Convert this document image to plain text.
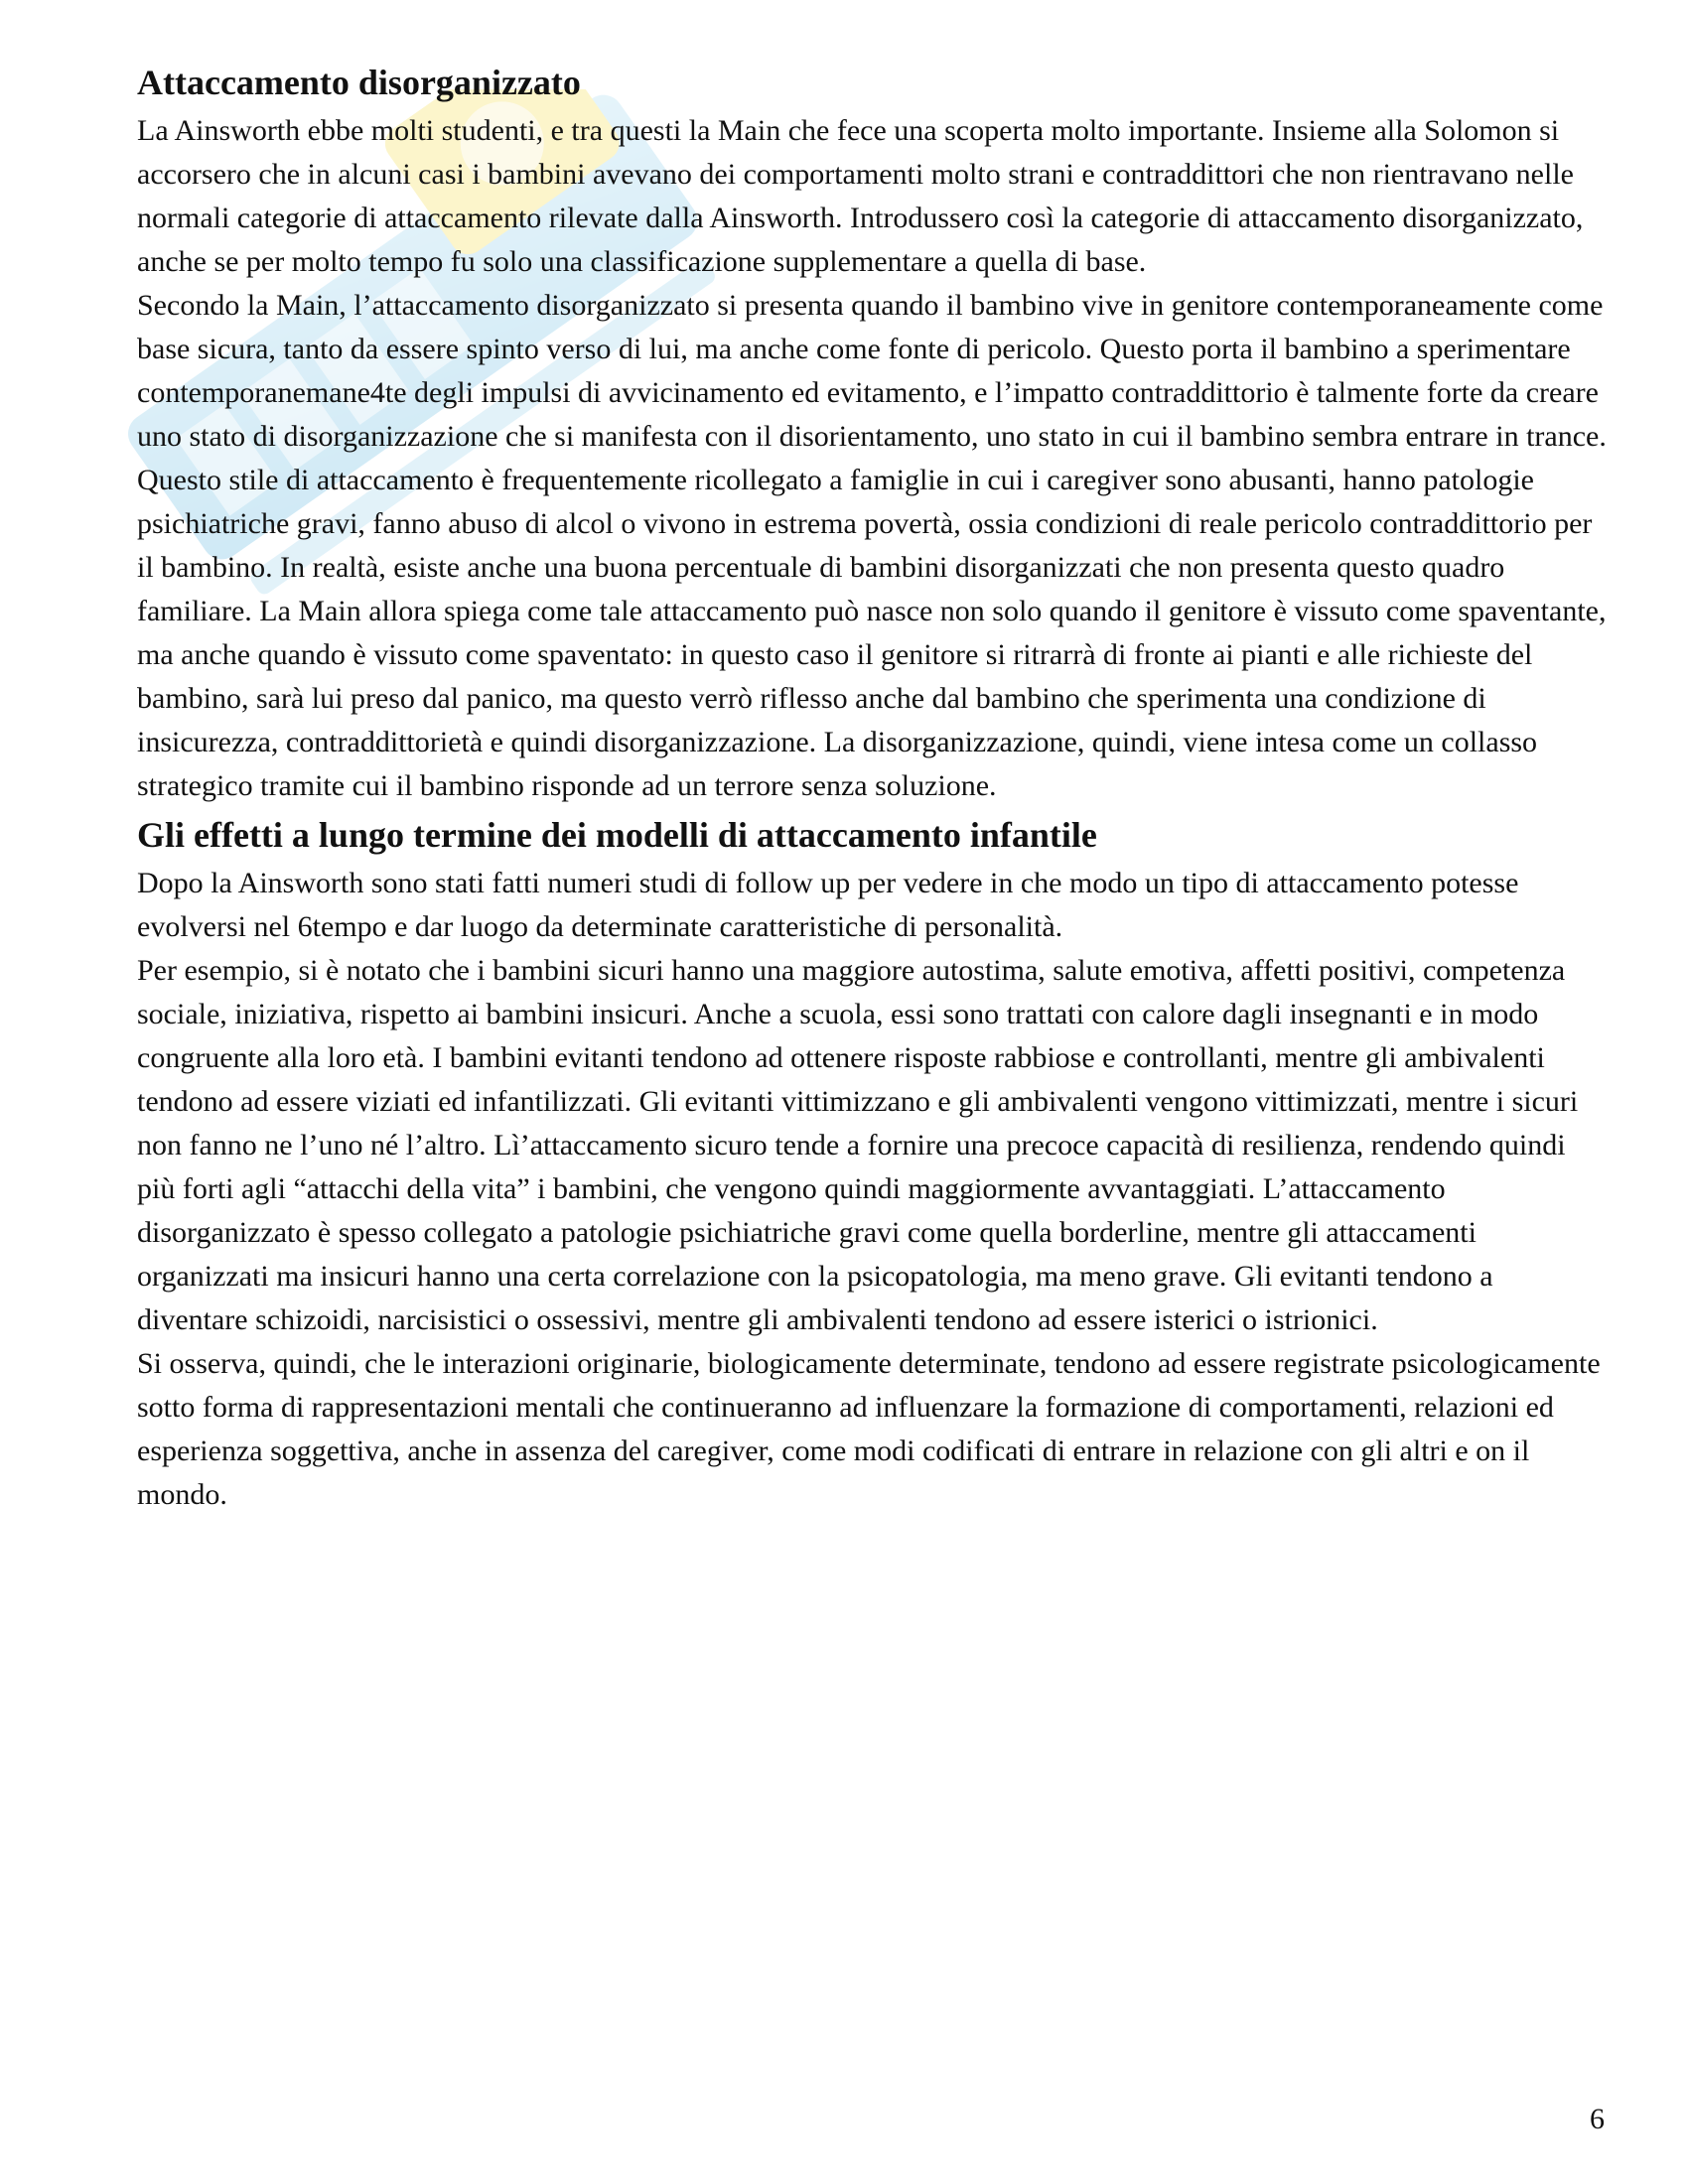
Attaccamento disorganizzato

La Ainsworth ebbe molti studenti, e tra questi la Main che fece una scoperta molto importante. Insieme alla Solomon si accorsero che in alcuni casi i bambini avevano dei comportamenti molto strani e contraddittori che non rientravano nelle normali categorie di attaccamento rilevate dalla Ainsworth. Introdussero così la categorie di attaccamento disorganizzato, anche se per molto tempo fu solo una classificazione supplementare a quella di base.

Secondo la Main, l’attaccamento disorganizzato si presenta quando il bambino vive in genitore contemporaneamente come base sicura, tanto da essere spinto verso di lui, ma anche come fonte di pericolo. Questo porta il bambino a sperimentare contemporanemane4te degli impulsi di avvicinamento ed evitamento, e l’impatto contraddittorio è talmente forte da creare uno stato di disorganizzazione che si manifesta con il disorientamento, uno stato in cui il bambino sembra entrare in trance.

Questo stile di attaccamento è frequentemente ricollegato a famiglie in cui i caregiver sono abusanti, hanno patologie psichiatriche gravi, fanno abuso di alcol o vivono in estrema povertà, ossia condizioni di reale pericolo contraddittorio per il bambino. In realtà, esiste anche una buona percentuale di bambini disorganizzati che non presenta questo quadro familiare. La Main allora spiega come tale attaccamento può nasce non solo quando il genitore è vissuto come spaventante, ma anche quando è vissuto come spaventato: in questo caso il genitore si ritrarrà di fronte ai pianti e alle richieste del bambino, sarà lui preso dal panico, ma questo verrò riflesso anche dal bambino che sperimenta una condizione di insicurezza, contraddittorietà e quindi disorganizzazione. La disorganizzazione, quindi, viene intesa come un collasso strategico tramite cui il bambino risponde ad un terrore senza soluzione.

Gli effetti a lungo termine dei modelli di attaccamento infantile

Dopo la Ainsworth sono stati fatti numeri studi di follow up per vedere in che modo un tipo di attaccamento potesse evolversi nel 6tempo e dar luogo da determinate caratteristiche di personalità.

Per esempio, si è notato che i bambini sicuri hanno una maggiore autostima, salute emotiva, affetti positivi, competenza sociale, iniziativa, rispetto ai bambini insicuri. Anche a scuola, essi sono trattati con calore dagli insegnanti e in modo congruente alla loro età. I bambini evitanti tendono ad ottenere risposte rabbiose e controllanti, mentre gli ambivalenti tendono ad essere viziati ed infantilizzati. Gli evitanti vittimizzano e gli ambivalenti vengono vittimizzati, mentre i sicuri non fanno ne l’uno né l’altro. Lì’attaccamento sicuro tende a fornire una precoce capacità di resilienza, rendendo quindi più forti agli “attacchi della vita” i bambini, che vengono quindi maggiormente avvantaggiati. L’attaccamento disorganizzato è spesso collegato a patologie psichiatriche gravi come quella borderline, mentre gli attaccamenti organizzati ma insicuri hanno una certa correlazione con la psicopatologia, ma meno grave. Gli evitanti tendono a diventare schizoidi, narcisistici o ossessivi, mentre gli ambivalenti tendono ad essere isterici o istrionici.

Si osserva, quindi, che le interazioni originarie, biologicamente determinate, tendono ad essere registrate psicologicamente sotto forma di rappresentazioni mentali che continueranno ad influenzare la formazione di comportamenti, relazioni ed esperienza soggettiva, anche in assenza del caregiver, come modi codificati di entrare in relazione con gli altri e on il mondo.

6
